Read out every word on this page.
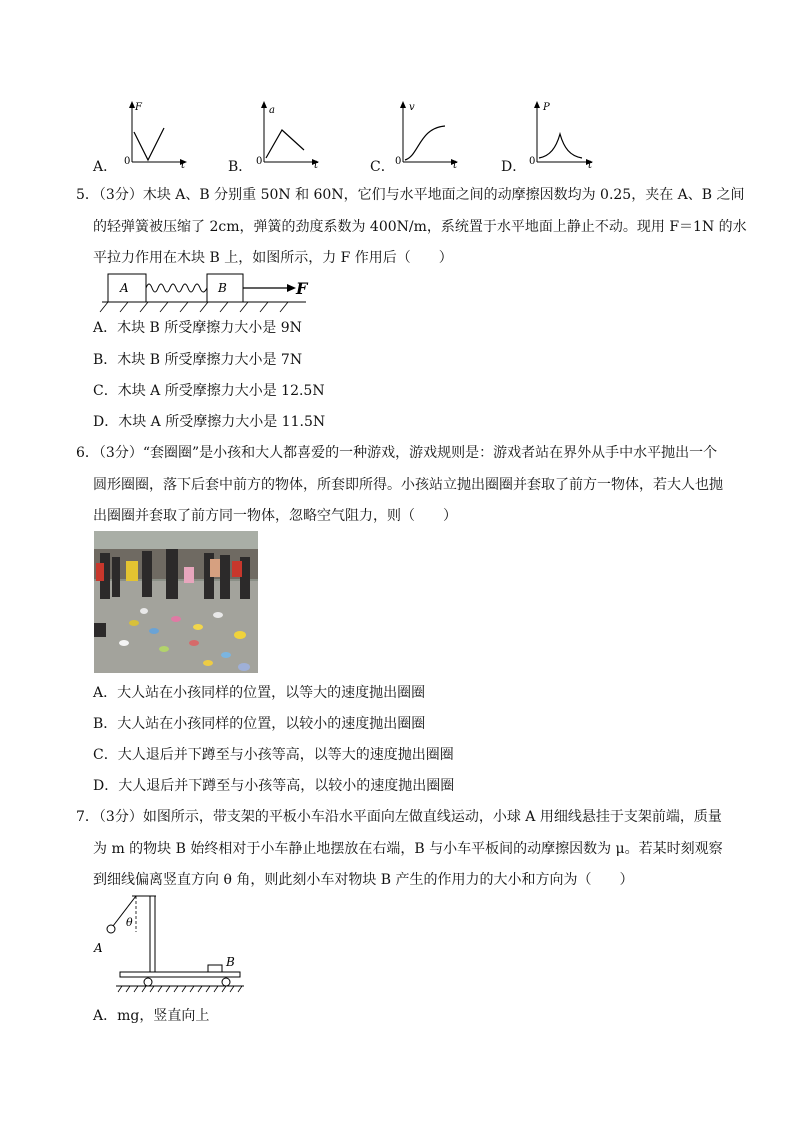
A．
F
0	t	B．
a
0	t	C．
v
0	t	D．
P
0	t
5．（3分）木块 A、B 分别重 50N 和 60N，它们与水平地面之间的动摩擦因数均为 0.25，夹在 A、B 之间
的轻弹簧被压缩了 2cm，弹簧的劲度系数为 400N/m，系统置于水平地面上静止不动。现用 F＝1N 的水
平拉力作用在木块 B 上，如图所示，力 F 作用后（　　）
A	B	F
A．木块 B 所受摩擦力大小是 9N
B．木块 B 所受摩擦力大小是 7N
C．木块 A 所受摩擦力大小是 12.5N
D．木块 A 所受摩擦力大小是 11.5N
6．（3分）“套圈圈”是小孩和大人都喜爱的一种游戏，游戏规则是：游戏者站在界外从手中水平抛出一个
圆形圈圈，落下后套中前方的物体，所套即所得。小孩站立抛出圈圈并套取了前方一物体，若大人也抛
出圈圈并套取了前方同一物体，忽略空气阻力，则（　　）
A．大人站在小孩同样的位置，以等大的速度抛出圈圈
B．大人站在小孩同样的位置，以较小的速度抛出圈圈
C．大人退后并下蹲至与小孩等高，以等大的速度抛出圈圈
D．大人退后并下蹲至与小孩等高，以较小的速度抛出圈圈
7．（3分）如图所示，带支架的平板小车沿水平面向左做直线运动，小球 A 用细线悬挂于支架前端，质量
为 m 的物块 B 始终相对于小车静止地摆放在右端，B 与小车平板间的动摩擦因数为 μ。若某时刻观察
到细线偏离竖直方向 θ 角，则此刻小车对物块 B 产生的作用力的大小和方向为（　　）
θ
A
B
A．mg，竖直向上
